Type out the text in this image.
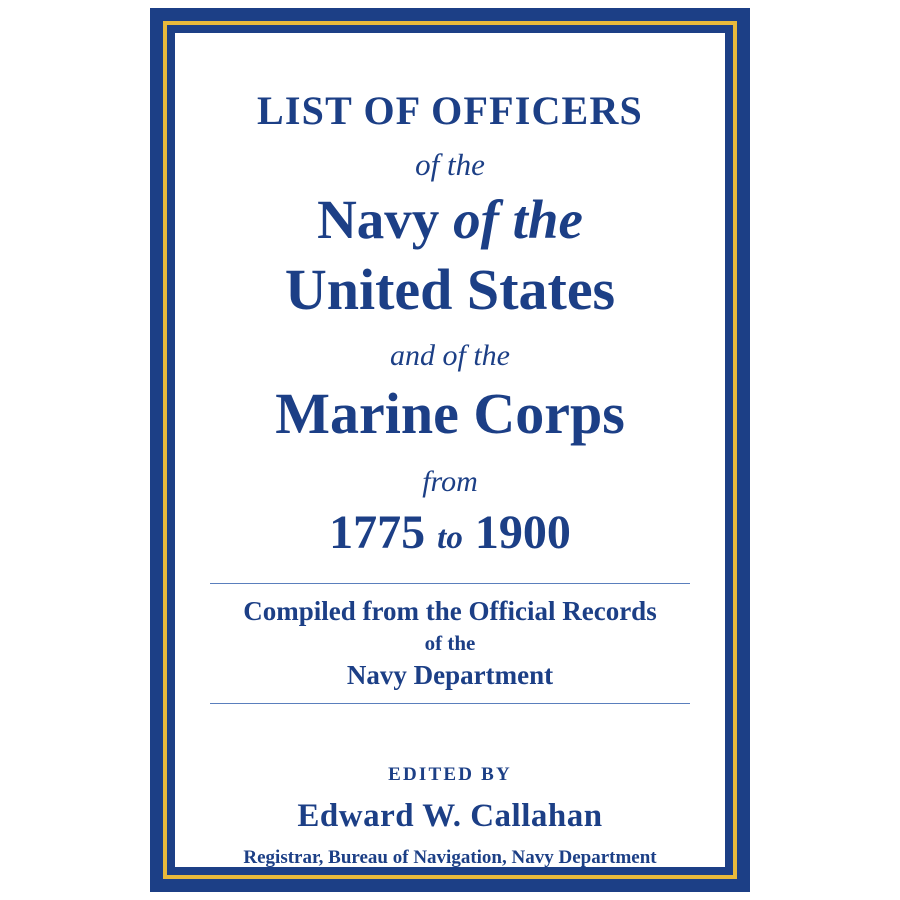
LIST OF OFFICERS
of the
Navy of the
United States
and of the
Marine Corps
from
1775 to 1900
Compiled from the Official Records
of the
Navy Department
EDITED BY
Edward W. Callahan
Registrar, Bureau of Navigation, Navy Department
